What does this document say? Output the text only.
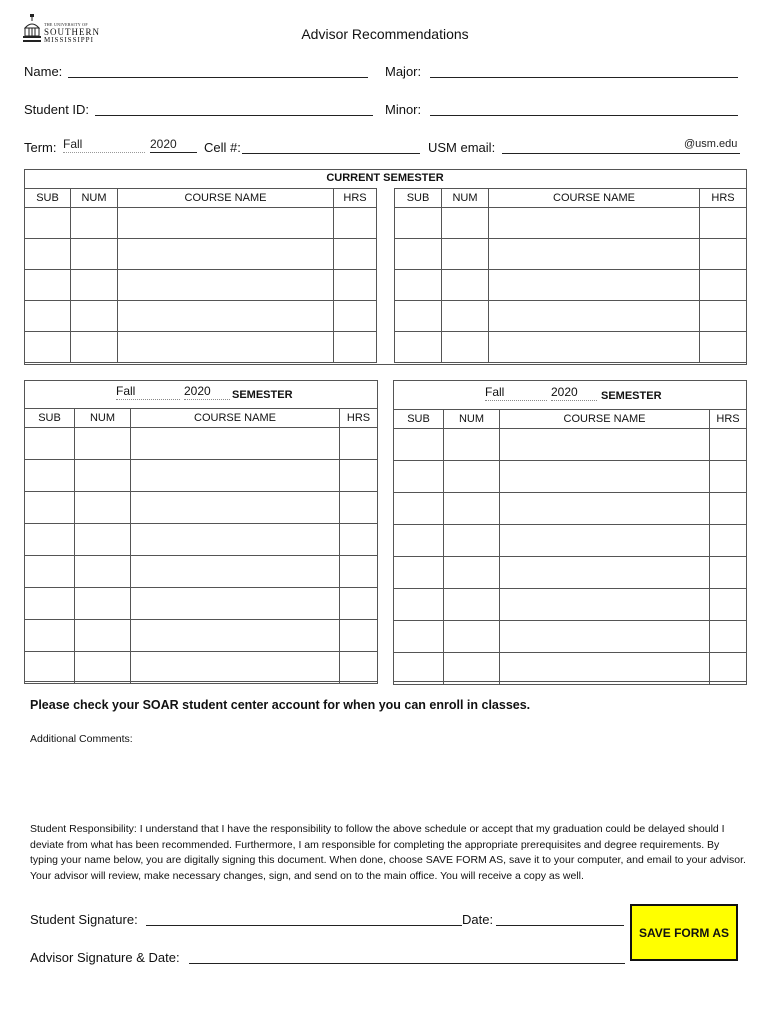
THE UNIVERSITY OF
SOUTHERN
MISSISSIPPI	Advisor Recommendations
Name:	Major:
Student ID:	Minor:
Term: Fall	2020	Cell #:	USM email:	@usm.edu
CURRENT SEMESTER
SUB	NUM	COURSE NAME	HRS

				SUB	NUM	COURSE NAME	HRS

Fall	2020	SEMESTER
SUB	NUM	COURSE NAME	HRS

Fall	2020	SEMESTER
SUB	NUM	COURSE NAME	HRS

Please check your SOAR student center account for when you can enroll in classes.
Additional Comments:
Student Responsibility: I understand that I have the responsibility to follow the above schedule or accept that my graduation could be delayed should I deviate from what has been recommended. Furthermore, I am responsible for completing the appropriate prerequisites and degree requirements. By typing your name below, you are digitally signing this document. When done, choose SAVE FORM AS, save it to your computer, and email to your advisor. Your advisor will review, make necessary changes, sign, and send on to the main office. You will receive a copy as well.
Student Signature:	Date:
Advisor Signature & Date:
SAVE FORM AS
